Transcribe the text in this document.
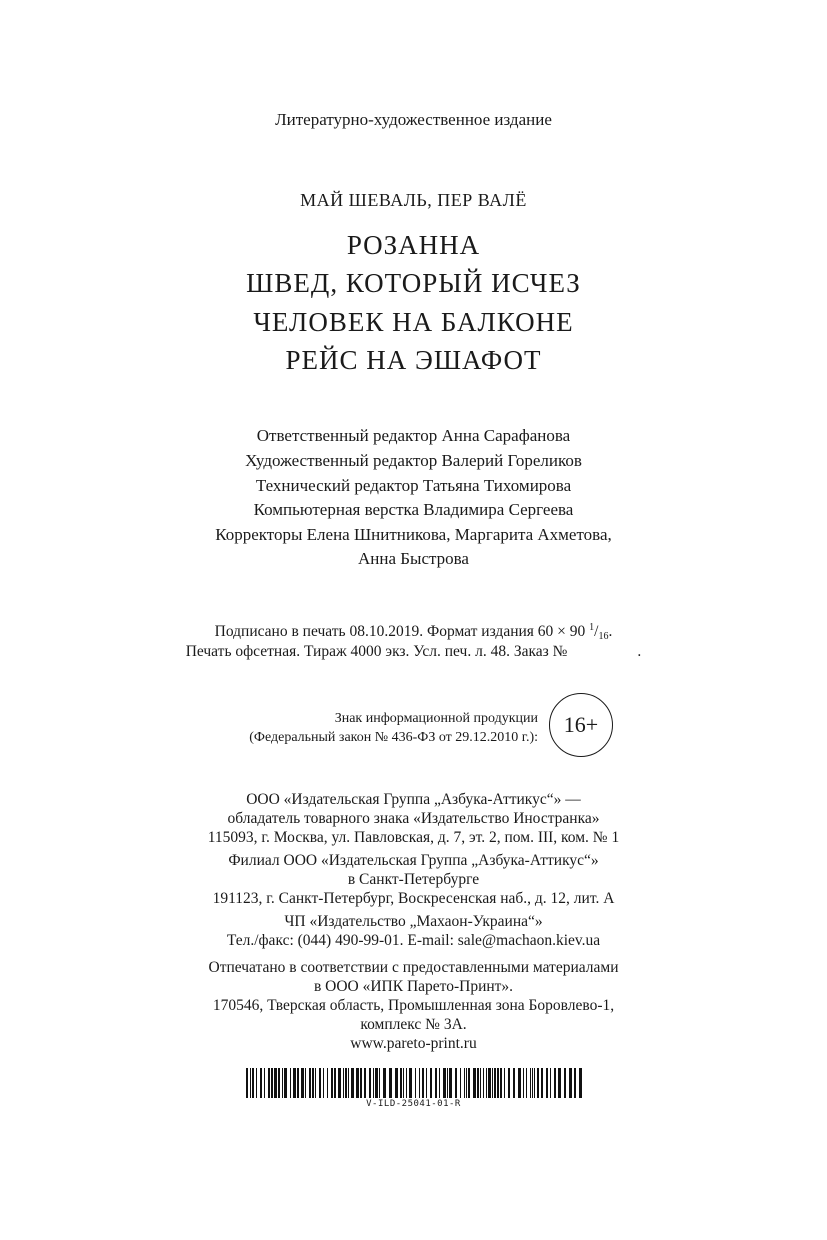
Литературно-художественное издание
МАЙ ШЕВАЛЬ, ПЕР ВАЛЁ
РОЗАННА
ШВЕД, КОТОРЫЙ ИСЧЕЗ
ЧЕЛОВЕК НА БАЛКОНЕ
РЕЙС НА ЭШАФОТ
Ответственный редактор Анна Сарафанова
Художественный редактор Валерий Гореликов
Технический редактор Татьяна Тихомирова
Компьютерная верстка Владимира Сергеева
Корректоры Елена Шнитникова, Маргарита Ахметова,
Анна Быстрова
Подписано в печать 08.10.2019. Формат издания 60 × 90 $^1$/16.
Печать офсетная. Тираж 4000 экз. Усл. печ. л. 48. Заказ №	.
Знак информационной продукции
(Федеральный закон № 436-ФЗ от 29.12.2010 г.):
16+
ООО «Издательская Группа „Азбука-Аттикус“» —
обладатель товарного знака «Издательство Иностранка»
115093, г. Москва, ул. Павловская, д. 7, эт. 2, пом. III, ком. № 1
Филиал ООО «Издательская Группа „Азбука-Аттикус“»
в Санкт-Петербурге
191123, г. Санкт-Петербург, Воскресенская наб., д. 12, лит. А
ЧП «Издательство „Махаон-Украина“»
Тел./факс: (044) 490-99-01. E-mail: sale@machaon.kiev.ua
Отпечатано в соответствии с предоставленными материалами
в ООО «ИПК Парето-Принт».
170546, Тверская область, Промышленная зона Боровлево-1,
комплекс № 3А.
www.pareto-print.ru
V-ILD-25041-01-R
